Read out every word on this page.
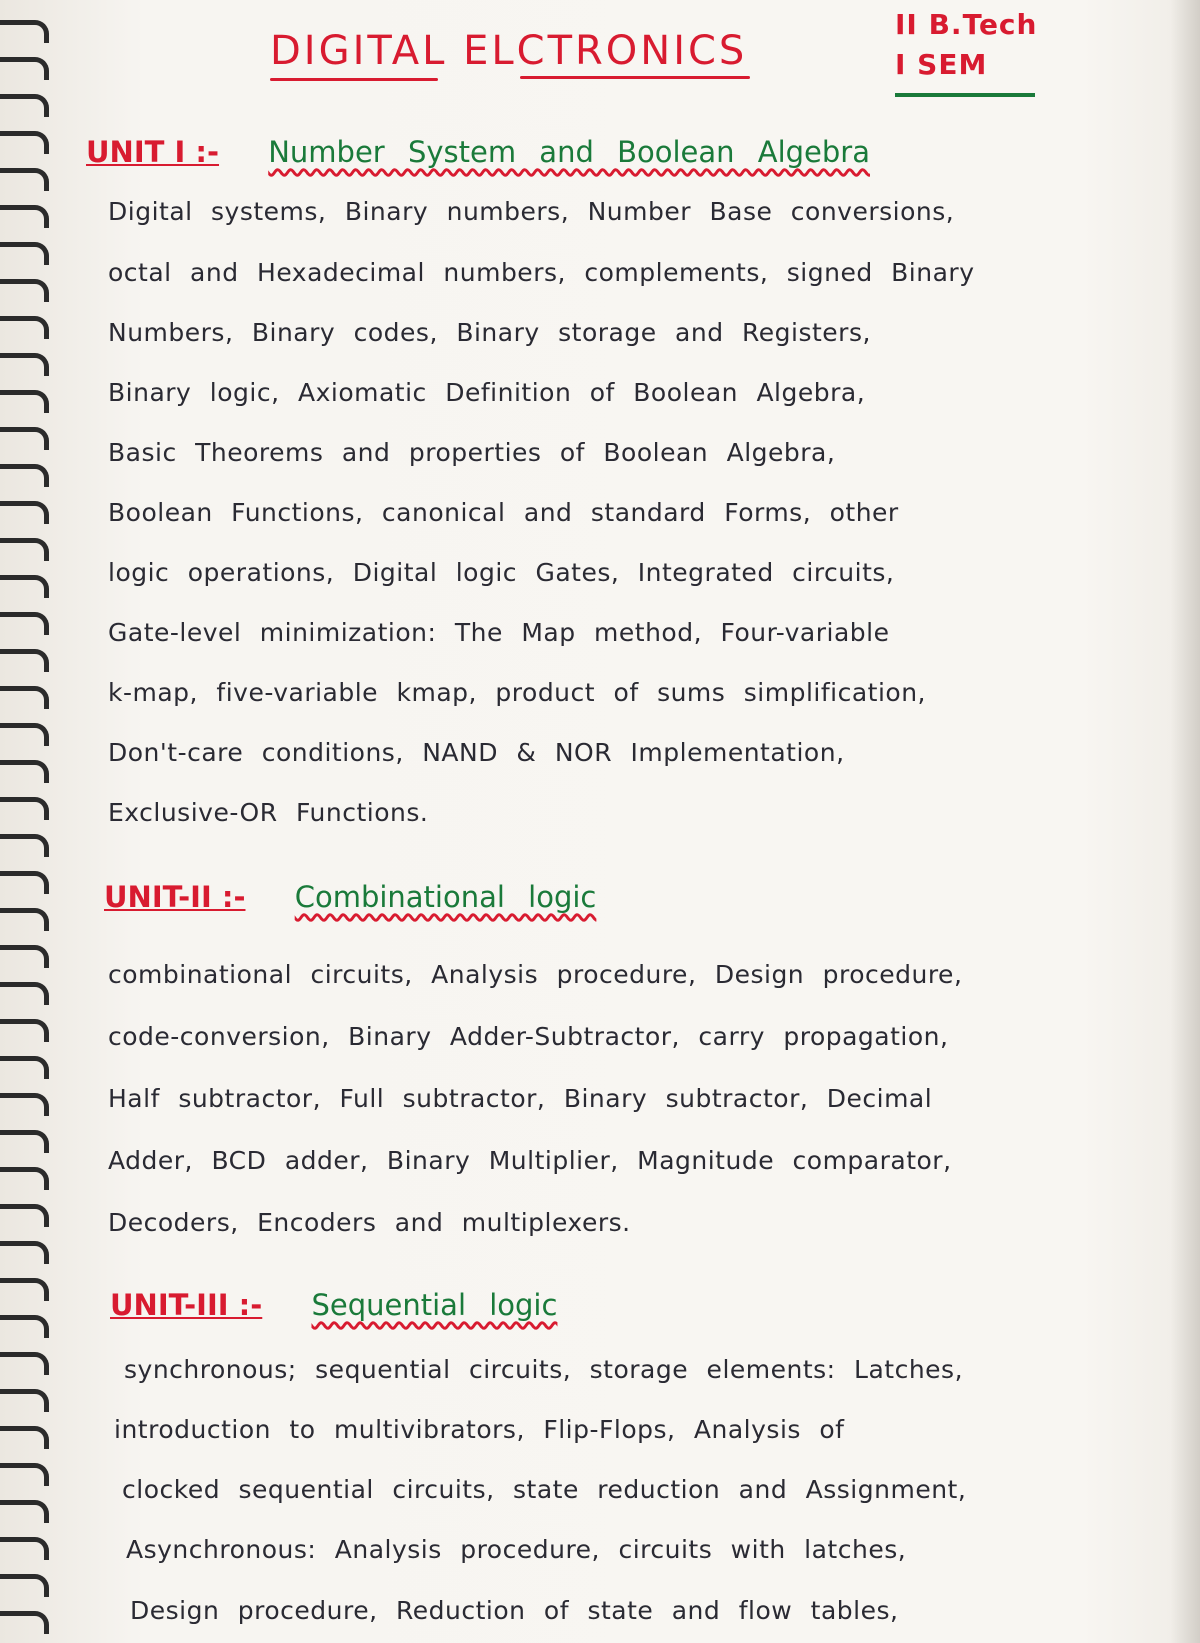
DIGITAL ELCTRONICS
II B.Tech
I SEM
UNIT I :- Number System and Boolean Algebra
Digital systems, Binary numbers, Number Base conversions,
octal and Hexadecimal numbers, complements, signed Binary
Numbers, Binary codes, Binary storage and Registers,
Binary logic, Axiomatic Definition of Boolean Algebra,
Basic Theorems and properties of Boolean Algebra,
Boolean Functions, canonical and standard Forms, other
logic operations, Digital logic Gates, Integrated circuits,
Gate-level minimization: The Map method, Four-variable
k-map, five-variable kmap, product of sums simplification,
Don't-care conditions, NAND & NOR Implementation,
Exclusive-OR Functions.
UNIT-II :- Combinational logic
combinational circuits, Analysis procedure, Design procedure,
code-conversion, Binary Adder-Subtractor, carry propagation,
Half subtractor, Full subtractor, Binary subtractor, Decimal
Adder, BCD adder, Binary Multiplier, Magnitude comparator,
Decoders, Encoders and multiplexers.
UNIT-III :- Sequential logic
synchronous; sequential circuits, storage elements: Latches,
introduction to multivibrators, Flip-Flops, Analysis of
clocked sequential circuits, state reduction and Assignment,
Asynchronous: Analysis procedure, circuits with latches,
Design procedure, Reduction of state and flow tables,
